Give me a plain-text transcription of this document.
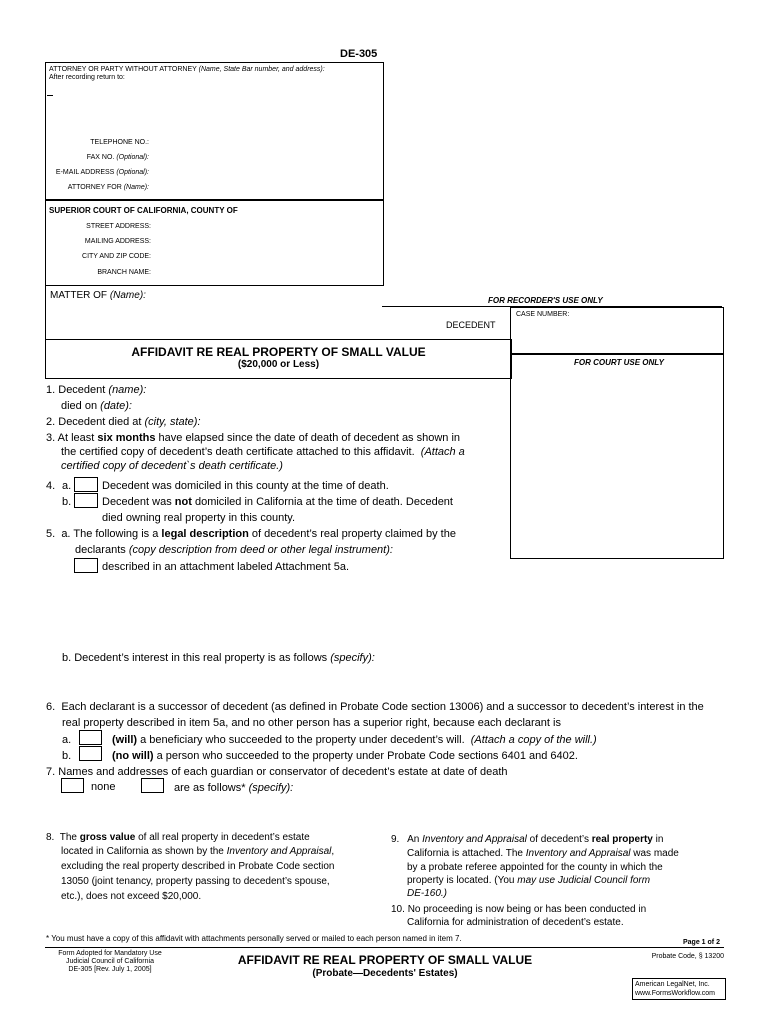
DE-305
ATTORNEY OR PARTY WITHOUT ATTORNEY (Name, State Bar number, and address):
After recording return to:
TELEPHONE NO.:
FAX NO. (Optional):
E-MAIL ADDRESS (Optional):
ATTORNEY FOR (Name):
SUPERIOR COURT OF CALIFORNIA, COUNTY OF
STREET ADDRESS:
MAILING ADDRESS:
CITY AND ZIP CODE:
BRANCH NAME:
MATTER OF (Name):	FOR RECORDER'S USE ONLY
DECEDENT
CASE NUMBER:
FOR COURT USE ONLY
AFFIDAVIT RE REAL PROPERTY OF SMALL VALUE
($20,000 or Less)
1. Decedent (name):
died on (date):
2. Decedent died at (city, state):
3. At least six months have elapsed since the date of death of decedent as shown in
the certified copy of decedent’s death certificate attached to this affidavit. (Attach a
certified copy of decedent`s death certificate.)
4. a.	Decedent was domiciled in this county at the time of death.
b.	Decedent was not domiciled in California at the time of death. Decedent
died owning real property in this county.
5. a. The following is a legal description of decedent’s real property claimed by the
declarants (copy description from deed or other legal instrument):
described in an attachment labeled Attachment 5a.
b. Decedent’s interest in this real property is as follows (specify):
6. Each declarant is a successor of decedent (as defined in Probate Code section 13006) and a successor to decedent’s interest in the
real property described in item 5a, and no other person has a superior right, because each declarant is
a.	(will) a beneficiary who succeeded to the property under decedent’s will. (Attach a copy of the will.)
b.	(no will) a person who succeeded to the property under Probate Code sections 6401 and 6402.
7. Names and addresses of each guardian or conservator of decedent’s estate at date of death
none	are as follows* (specify):
8. The gross value of all real property in decedent’s estate
located in California as shown by the Inventory and Appraisal,
excluding the real property described in Probate Code section
13050 (joint tenancy, property passing to decedent’s spouse,
etc.), does not exceed $20,000.
9. An Inventory and Appraisal of decedent’s real property in
California is attached. The Inventory and Appraisal was made
by a probate referee appointed for the county in which the
property is located. (You may use Judicial Council form
DE-160.)
10. No proceeding is now being or has been conducted in
California for administration of decedent’s estate.
* You must have a copy of this affidavit with attachments personally served or mailed to each person named in item 7.	Page 1 of 2
Form Adopted for Mandatory Use
Judicial Council of California
DE-305 [Rev. July 1, 2005]
AFFIDAVIT RE REAL PROPERTY OF SMALL VALUE
(Probate—Decedents' Estates)
Probate Code, § 13200
American LegalNet, Inc.
www.FormsWorkflow.com
